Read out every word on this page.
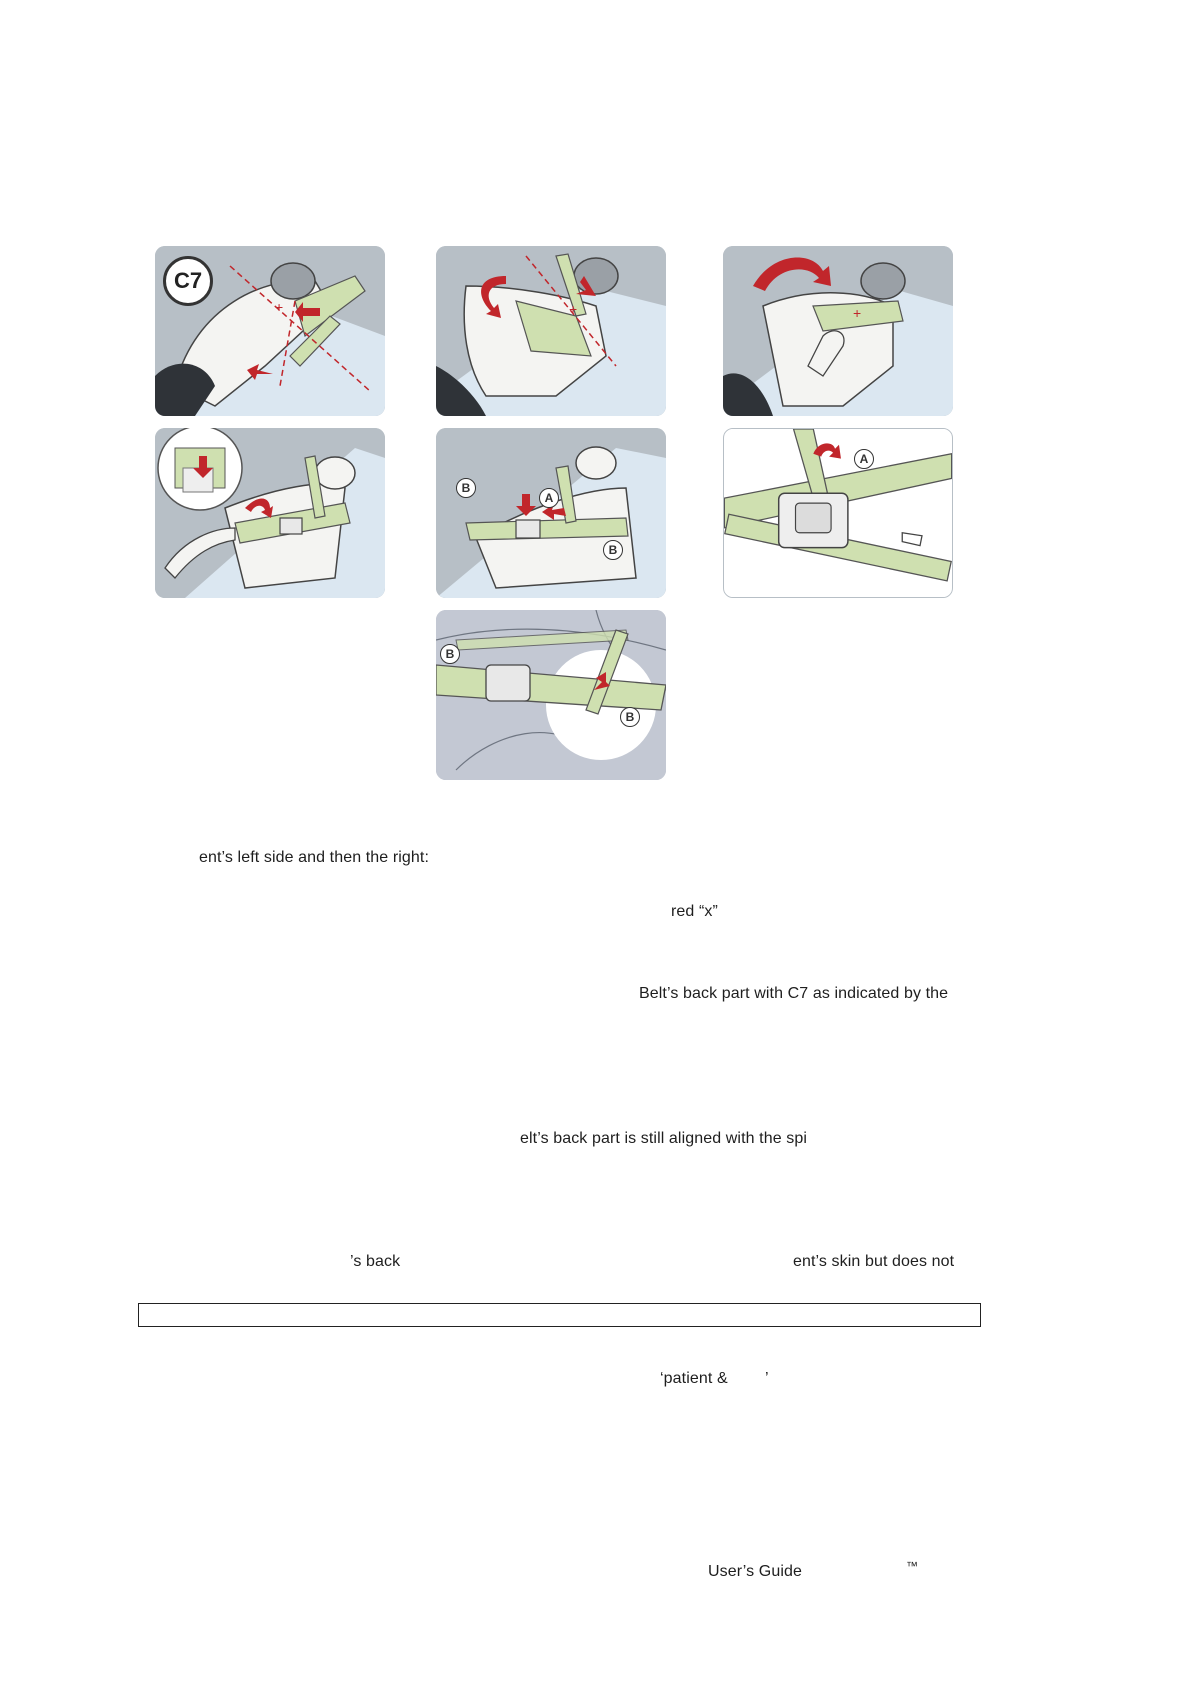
+
C7
+	+
A
B
B
A
B
B
ent’s left side and then the right:
red “x”
Belt’s back part with C7 as indicated by the
elt’s back part is still aligned with the spi
’s back	ent’s skin but does not
‘patient & ’
User’s Guide	™
